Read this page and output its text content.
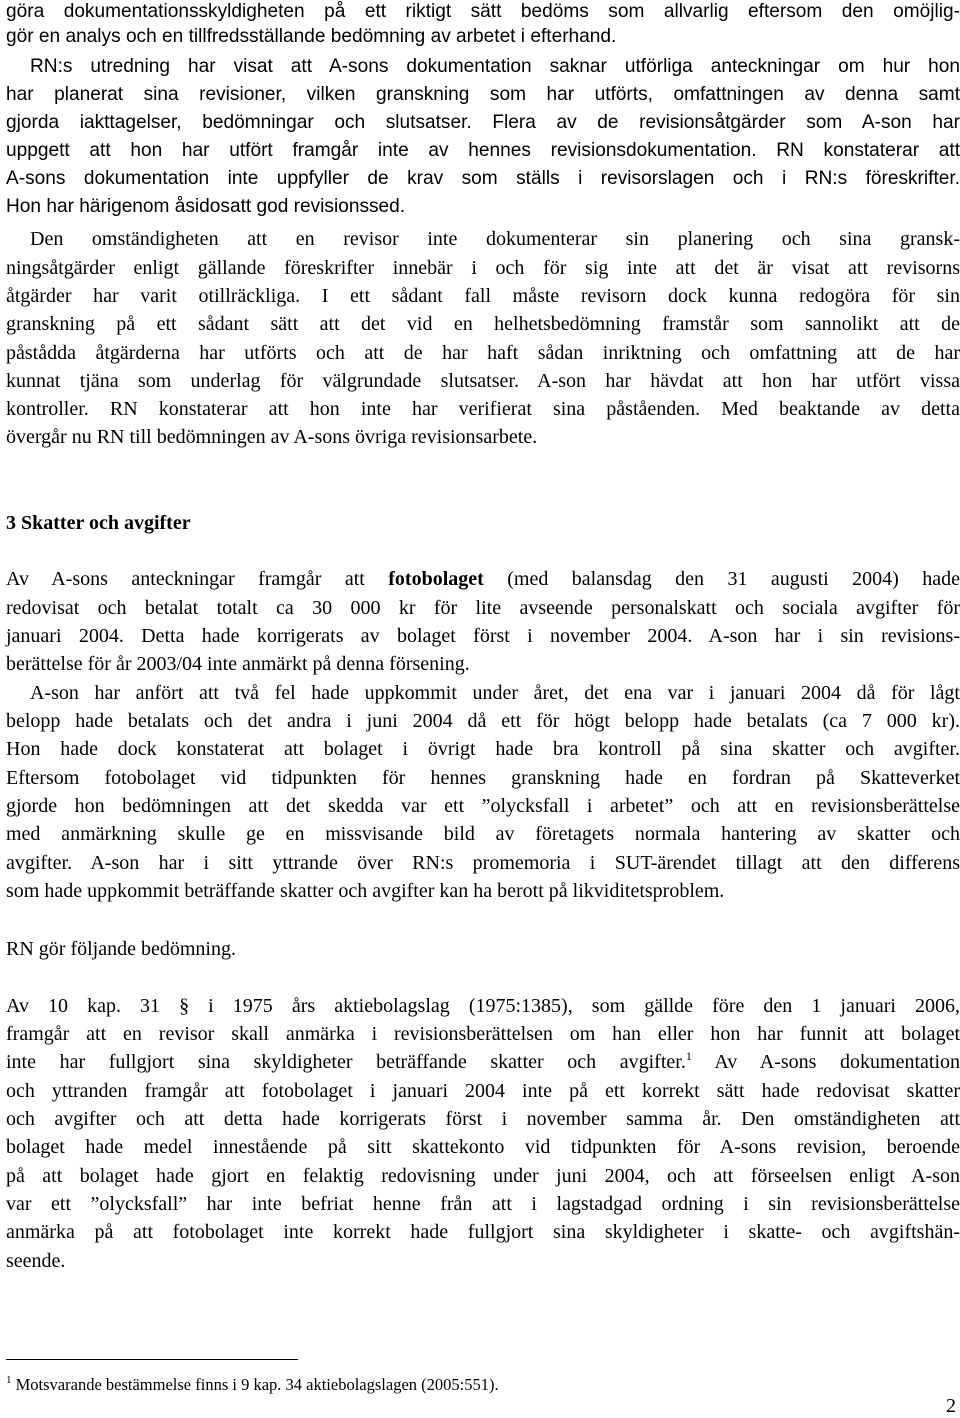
göra dokumentationsskyldigheten på ett riktigt sätt bedöms som allvarlig eftersom den omöjlig-
gör en analys och en tillfredsställande bedömning av arbetet i efterhand.
RN:s utredning har visat att A-sons dokumentation saknar utförliga anteckningar om hur hon
har planerat sina revisioner, vilken granskning som har utförts, omfattningen av denna samt
gjorda iakttagelser, bedömningar och slutsatser. Flera av de revisionsåtgärder som A-son har
uppgett att hon har utfört framgår inte av hennes revisionsdokumentation. RN konstaterar att
A-sons dokumentation inte uppfyller de krav som ställs i revisorslagen och i RN:s föreskrifter.
Hon har härigenom åsidosatt god revisionssed.
Den omständigheten att en revisor inte dokumenterar sin planering och sina gransk-
ningsåtgärder enligt gällande föreskrifter innebär i och för sig inte att det är visat att revisorns
åtgärder har varit otillräckliga. I ett sådant fall måste revisorn dock kunna redogöra för sin
granskning på ett sådant sätt att det vid en helhetsbedömning framstår som sannolikt att de
påstådda åtgärderna har utförts och att de har haft sådan inriktning och omfattning att de har
kunnat tjäna som underlag för välgrundade slutsatser. A-son har hävdat att hon har utfört vissa
kontroller. RN konstaterar att hon inte har verifierat sina påståenden. Med beaktande av detta
övergår nu RN till bedömningen av A-sons övriga revisionsarbete.
3 Skatter och avgifter
Av A-sons anteckningar framgår att fotobolaget (med balansdag den 31 augusti 2004) hade
redovisat och betalat totalt ca 30 000 kr för lite avseende personalskatt och sociala avgifter för
januari 2004. Detta hade korrigerats av bolaget först i november 2004. A-son har i sin revisions-
berättelse för år 2003/04 inte anmärkt på denna försening.
A-son har anfört att två fel hade uppkommit under året, det ena var i januari 2004 då för lågt
belopp hade betalats och det andra i juni 2004 då ett för högt belopp hade betalats (ca 7 000 kr).
Hon hade dock konstaterat att bolaget i övrigt hade bra kontroll på sina skatter och avgifter.
Eftersom fotobolaget vid tidpunkten för hennes granskning hade en fordran på Skatteverket
gjorde hon bedömningen att det skedda var ett ”olycksfall i arbetet” och att en revisionsberättelse
med anmärkning skulle ge en missvisande bild av företagets normala hantering av skatter och
avgifter. A-son har i sitt yttrande över RN:s promemoria i SUT-ärendet tillagt att den differens
som hade uppkommit beträffande skatter och avgifter kan ha berott på likviditetsproblem.
RN gör följande bedömning.
Av 10 kap. 31 § i 1975 års aktiebolagslag (1975:1385), som gällde före den 1 januari 2006,
framgår att en revisor skall anmärka i revisionsberättelsen om han eller hon har funnit att bolaget
inte har fullgjort sina skyldigheter beträffande skatter och avgifter.$^1$ Av A-sons dokumentation
och yttranden framgår att fotobolaget i januari 2004 inte på ett korrekt sätt hade redovisat skatter
och avgifter och att detta hade korrigerats först i november samma år. Den omständigheten att
bolaget hade medel innestående på sitt skattekonto vid tidpunkten för A-sons revision, beroende
på att bolaget hade gjort en felaktig redovisning under juni 2004, och att förseelsen enligt A-son
var ett ”olycksfall” har inte befriat henne från att i lagstadgad ordning i sin revisionsberättelse
anmärka på att fotobolaget inte korrekt hade fullgjort sina skyldigheter i skatte- och avgiftshän-
seende.
$^1$ Motsvarande bestämmelse finns i 9 kap. 34 aktiebolagslagen (2005:551).
2
